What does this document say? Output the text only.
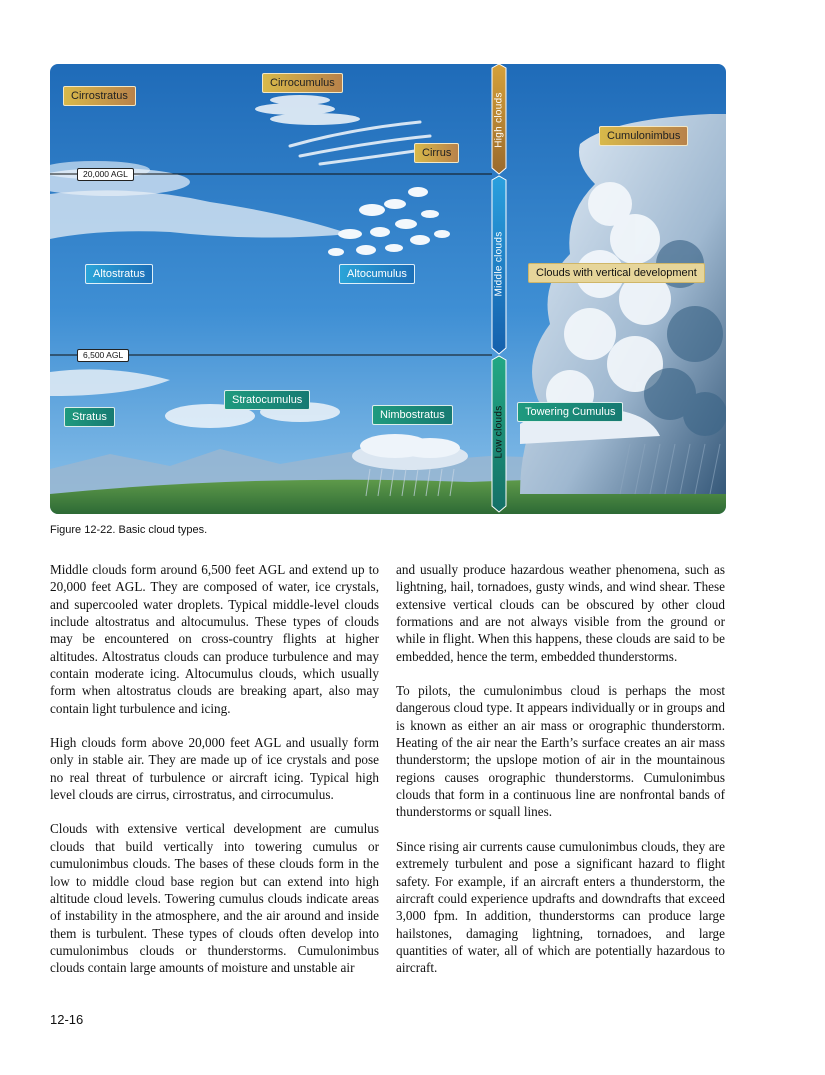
High clouds
Middle clouds
Low clouds
20,000 AGL
6,500 AGL
Cirrostratus
Cirrocumulus
Cirrus
Cumulonimbus
Altostratus	Altocumulus	Clouds with vertical development
Stratocumulus
Stratus	Nimbostratus	Towering Cumulus
Figure 12-22. Basic cloud types.

Middle clouds form around 6,500 feet AGL and extend up to 20,000 feet AGL. They are composed of water, ice crystals, and supercooled water droplets. Typical middle-level clouds include altostratus and altocumulus. These types of clouds may be encountered on cross-country flights at higher altitudes. Altostratus clouds can produce turbulence and may contain moderate icing. Altocumulus clouds, which usually form when altostratus clouds are breaking apart, also may contain light turbulence and icing.

High clouds form above 20,000 feet AGL and usually form only in stable air. They are made up of ice crystals and pose no real threat of turbulence or aircraft icing. Typical high level clouds are cirrus, cirrostratus, and cirrocumulus.

Clouds with extensive vertical development are cumulus clouds that build vertically into towering cumulus or cumulonimbus clouds. The bases of these clouds form in the low to middle cloud base region but can extend into high altitude cloud levels. Towering cumulus clouds indicate areas of instability in the atmosphere, and the air around and inside them is turbulent. These types of clouds often develop into cumulonimbus clouds or thunderstorms. Cumulonimbus clouds contain large amounts of moisture and unstable air

and usually produce hazardous weather phenomena, such as lightning, hail, tornadoes, gusty winds, and wind shear. These extensive vertical clouds can be obscured by other cloud formations and are not always visible from the ground or while in flight. When this happens, these clouds are said to be embedded, hence the term, embedded thunderstorms.

To pilots, the cumulonimbus cloud is perhaps the most dangerous cloud type. It appears individually or in groups and is known as either an air mass or orographic thunderstorm. Heating of the air near the Earth’s surface creates an air mass thunderstorm; the upslope motion of air in the mountainous regions causes orographic thunderstorms. Cumulonimbus clouds that form in a continuous line are nonfrontal bands of thunderstorms or squall lines.

Since rising air currents cause cumulonimbus clouds, they are extremely turbulent and pose a significant hazard to flight safety. For example, if an aircraft enters a thunderstorm, the aircraft could experience updrafts and downdrafts that exceed 3,000 fpm. In addition, thunderstorms can produce large hailstones, damaging lightning, tornadoes, and large quantities of water, all of which are potentially hazardous to aircraft.

12-16
